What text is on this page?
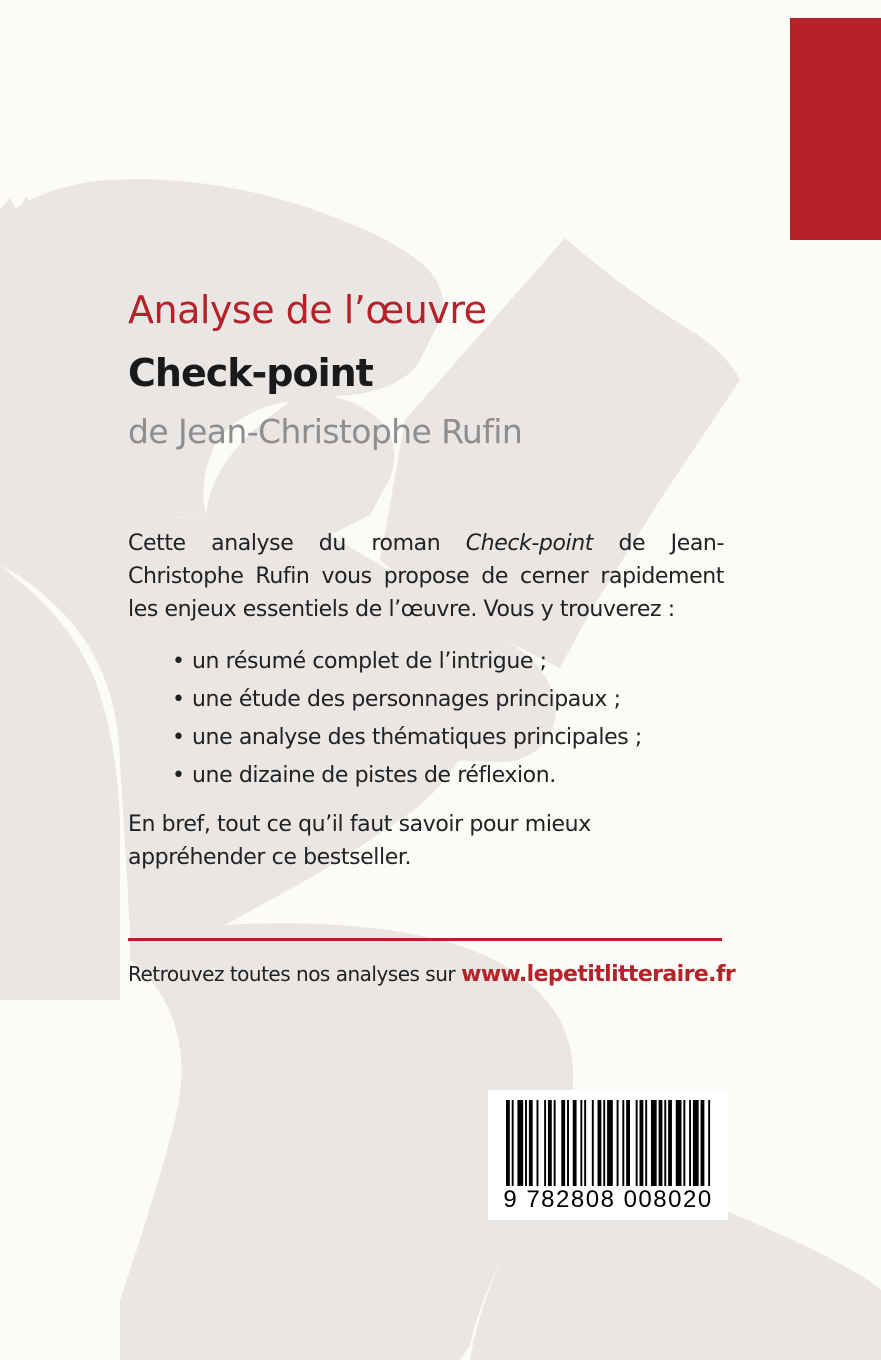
Analyse de l’œuvre
Check-point
de Jean-Christophe Rufin
Cette analyse du roman Check-point de Jean-Christophe Rufin vous propose de cerner rapidement les enjeux essentiels de l’œuvre. Vous y trouverez :
• un résumé complet de l’intrigue ;
• une étude des personnages principaux ;
• une analyse des thématiques principales ;
• une dizaine de pistes de réflexion.
En bref, tout ce qu’il faut savoir pour mieux appréhender ce bestseller.
Retrouvez toutes nos analyses sur www.lepetitlitteraire.fr
9 782808 008020
